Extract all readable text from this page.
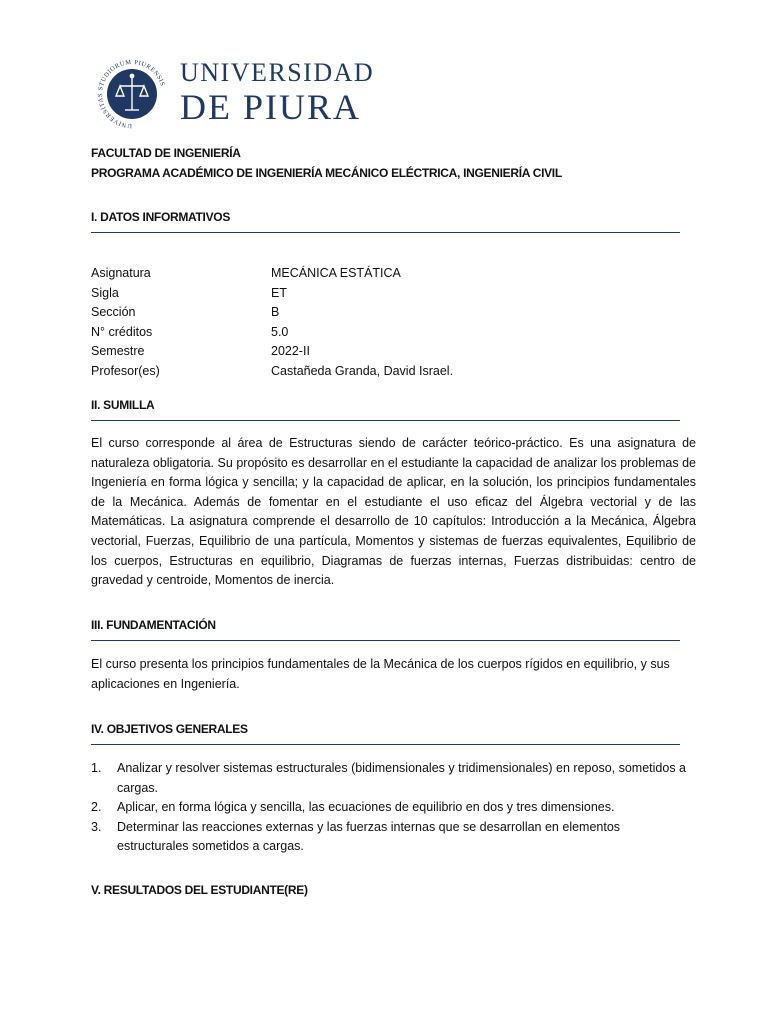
UNIVERSITAS STUDIORUM PIURENSIS UNIVERSIDAD
DE PIURA
FACULTAD DE INGENIERÍA
PROGRAMA ACADÉMICO DE INGENIERÍA MECÁNICO ELÉCTRICA, INGENIERÍA CIVIL
I. DATOS INFORMATIVOS
Asignatura	MECÁNICA ESTÁTICA
Sigla	ET
Sección	B
N° créditos	5.0
Semestre	2022-II
Profesor(es)	Castañeda Granda, David Israel.
II. SUMILLA
El curso corresponde al área de Estructuras siendo de carácter teórico-práctico. Es una asignatura de naturaleza obligatoria. Su propósito es desarrollar en el estudiante la capacidad de analizar los problemas de Ingeniería en forma lógica y sencilla; y la capacidad de aplicar, en la solución, los principios fundamentales de la Mecánica. Además de fomentar en el estudiante el uso eficaz del Álgebra vectorial y de las Matemáticas. La asignatura comprende el desarrollo de 10 capítulos: Introducción a la Mecánica, Álgebra vectorial, Fuerzas, Equilibrio de una partícula, Momentos y sistemas de fuerzas equivalentes, Equilibrio de los cuerpos, Estructuras en equilibrio, Diagramas de fuerzas internas, Fuerzas distribuidas: centro de gravedad y centroide, Momentos de inercia.
III. FUNDAMENTACIÓN
El curso presenta los principios fundamentales de la Mecánica de los cuerpos rígidos en equilibrio, y sus aplicaciones en Ingeniería.
IV. OBJETIVOS GENERALES
1.	Analizar y resolver sistemas estructurales (bidimensionales y tridimensionales) en reposo, sometidos a cargas.
2.	Aplicar, en forma lógica y sencilla, las ecuaciones de equilibrio en dos y tres dimensiones.
3.	Determinar las reacciones externas y las fuerzas internas que se desarrollan en elementos estructurales sometidos a cargas.
V. RESULTADOS DEL ESTUDIANTE(RE)
